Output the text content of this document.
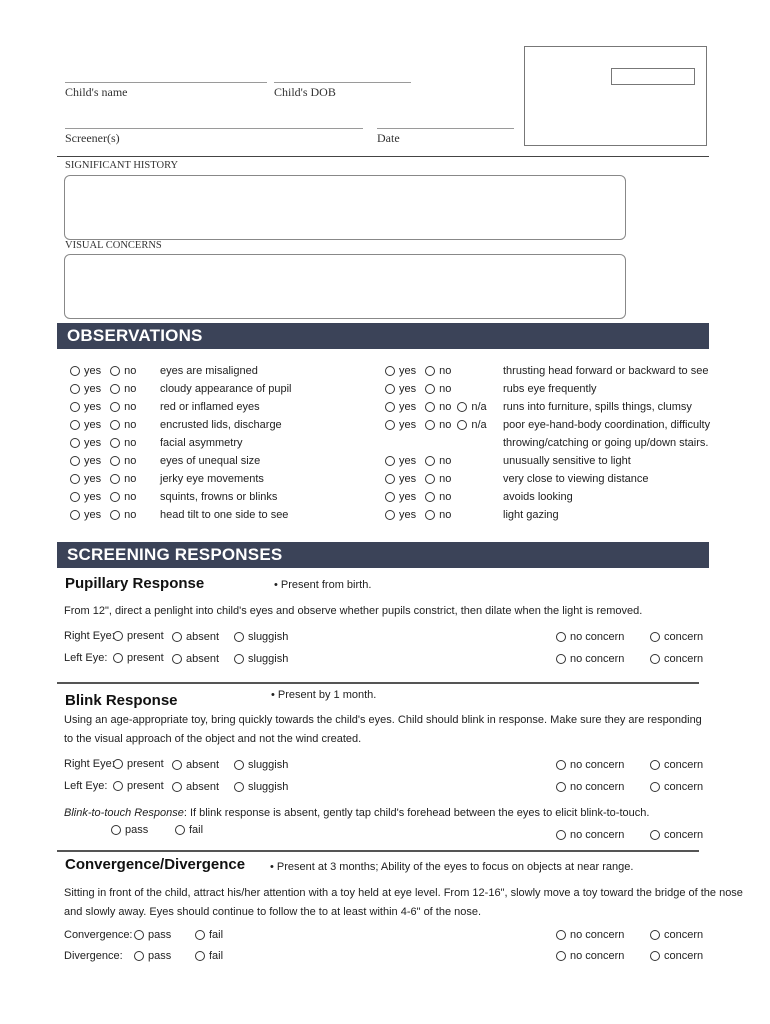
Child's name	Child's DOB
Screener(s)	Date
SIGNIFICANT HISTORY
VISUAL CONCERNS
OBSERVATIONS
yes no eyes are misaligned	yes no	thrusting head forward or backward to see
yes no cloudy appearance of pupil	yes no	rubs eye frequently
yes no red or inflamed eyes	yes no n/a runs into furniture, spills things, clumsy
yes no encrusted lids, discharge	yes no n/a poor eye-hand-body coordination, difficulty
yes no facial asymmetry	throwing/catching or going up/down stairs.
yes no eyes of unequal size	yes no	unusually sensitive to light
yes no jerky eye movements	yes no	very close to viewing distance
yes no squints, frowns or blinks	yes no	avoids looking
yes no head tilt to one side to see	yes no	light gazing
SCREENING RESPONSES
Pupillary Response	• Present from birth.
From 12", direct a penlight into child's eyes and observe whether pupils constrict, then dilate when the light is removed.
Right Eye:	present	absent	sluggish	no concern	concern
Left Eye:	present	absent	sluggish	no concern	concern
Blink Response	• Present by 1 month.
Using an age-appropriate toy, bring quickly towards the child's eyes. Child should blink in response. Make sure they are responding
to the visual approach of the object and not the wind created.
Right Eye:	present	absent	sluggish	no concern	concern
Left Eye:	present	absent	sluggish	no concern	concern
Blink-to-touch Response: If blink response is absent, gently tap child's forehead between the eyes to elicit blink-to-touch.
pass	fail	no concern	concern
Convergence/Divergence • Present at 3 months; Ability of the eyes to focus on objects at near range.
Sitting in front of the child, attract his/her attention with a toy held at eye level. From 12-16", slowly move a toy toward the bridge of the nose
and slowly away. Eyes should continue to follow the to at least within 4-6" of the nose.
Convergence:	pass	fail	no concern	concern
Divergence:	pass	fail	no concern	concern
